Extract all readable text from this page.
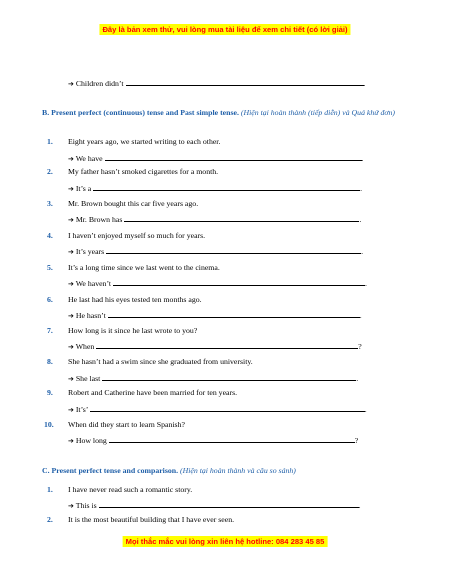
Đây là bản xem thử, vui lòng mua tài liệu để xem chi tiết (có lời giải)
➔ Children didn’t	.
B. Present perfect (continuous) tense and Past simple tense. (Hiện tại hoàn thành (tiếp diễn) và Quá khứ đơn)
1. Eight years ago, we started writing to each other.
➔ We have	.
2. My father hasn’t smoked cigarettes for a month.
➔ It’s a	.
3. Mr. Brown bought this car five years ago.
➔ Mr. Brown has	.
4. I haven’t enjoyed myself so much for years.
➔ It’s years	.
5. It’s a long time since we last went to the cinema.
➔ We haven’t	.
6. He last had his eyes tested ten months ago.
➔ He hasn’t	.
7. How long is it since he last wrote to you?
➔ When	?
8. She hasn’t had a swim since she graduated from university.
➔ She last	.
9. Robert and Catherine have been married for ten years.
➔ It’s’	.
10. When did they start to learn Spanish?
➔ How long	?
C. Present perfect tense and comparison. (Hiện tại hoàn thành và câu so sánh)
1. I have never read such a romantic story.
➔ This is	.
2. It is the most beautiful building that I have ever seen.
Mọi thắc mắc vui lòng xin liên hệ hotline: 084 283 45 85
